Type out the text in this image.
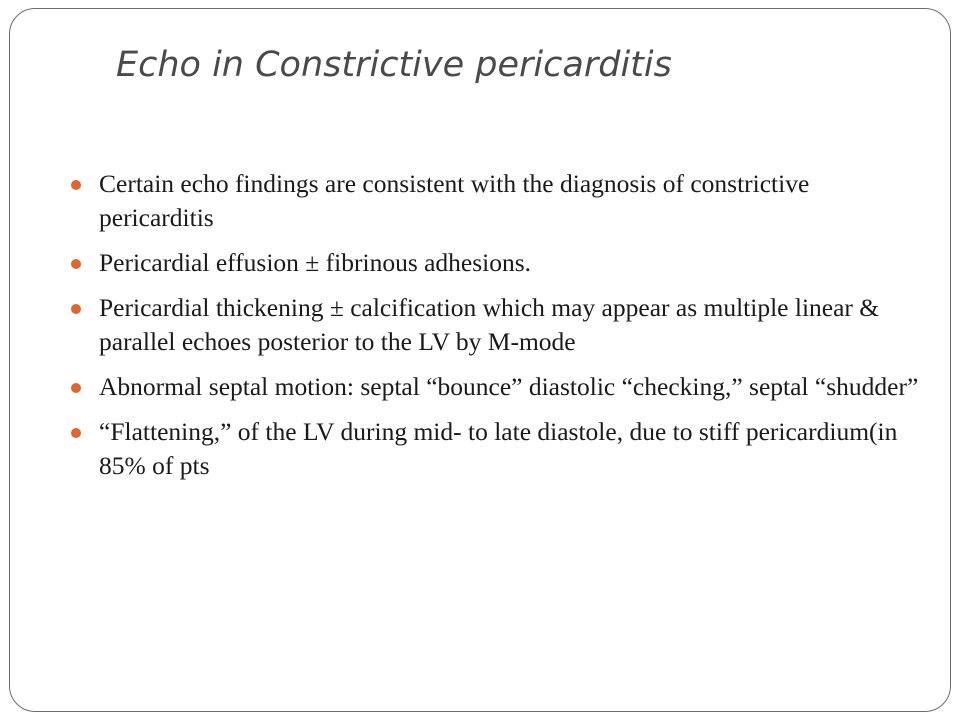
Echo in Constrictive pericarditis
Certain echo findings are consistent with the diagnosis of constrictive pericarditis
Pericardial effusion ± fibrinous adhesions.
Pericardial thickening ± calcification which may appear as multiple linear & parallel echoes posterior to the LV by M-mode
Abnormal septal motion: septal “bounce” diastolic “checking,” septal “shudder”
“Flattening,” of the LV during mid- to late diastole, due to stiff pericardium(in 85% of pts
